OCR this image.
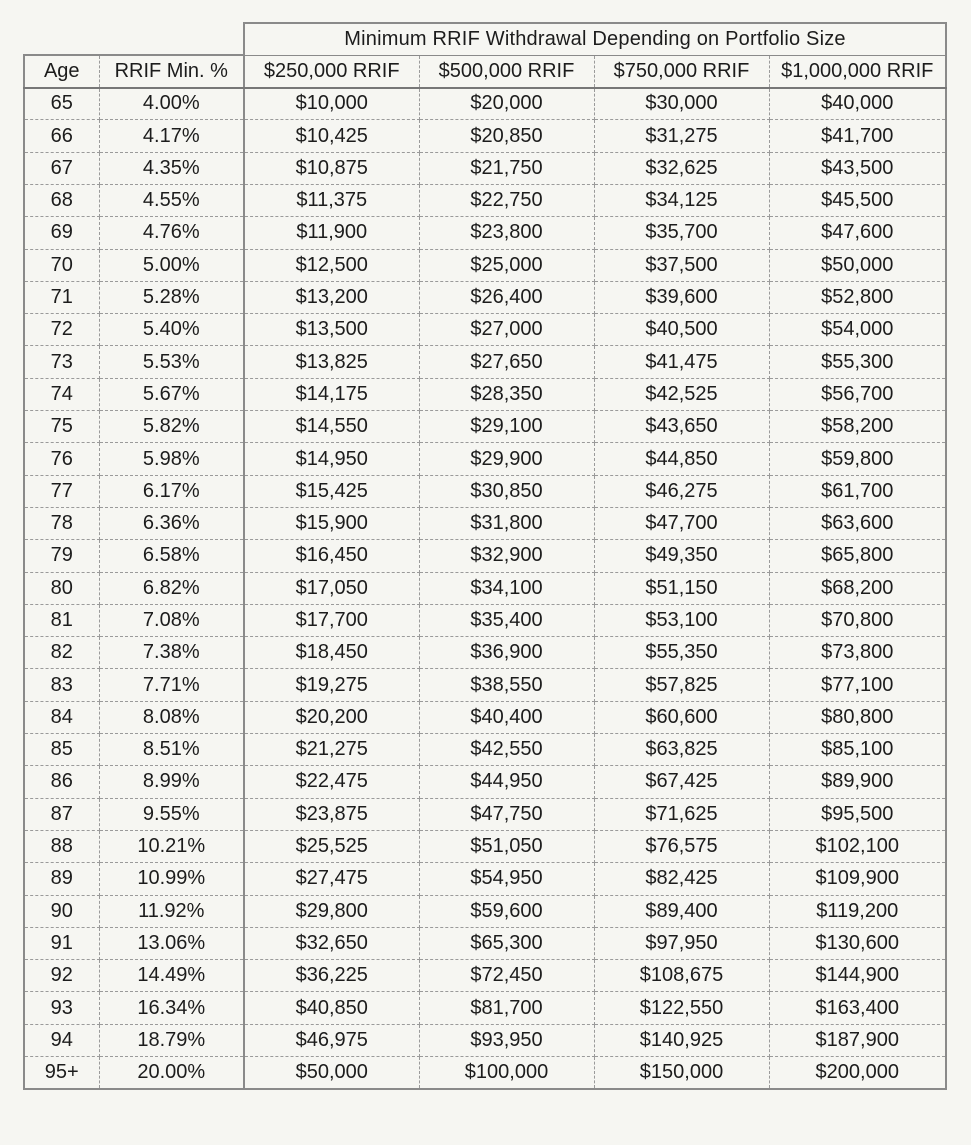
		Minimum RRIF Withdrawal Depending on Portfolio Size			
Age	RRIF Min. %	$250,000 RRIF	$500,000 RRIF	$750,000 RRIF	$1,000,000 RRIF
65	4.00%	$10,000	$20,000	$30,000	$40,000
66	4.17%	$10,425	$20,850	$31,275	$41,700
67	4.35%	$10,875	$21,750	$32,625	$43,500
68	4.55%	$11,375	$22,750	$34,125	$45,500
69	4.76%	$11,900	$23,800	$35,700	$47,600
70	5.00%	$12,500	$25,000	$37,500	$50,000
71	5.28%	$13,200	$26,400	$39,600	$52,800
72	5.40%	$13,500	$27,000	$40,500	$54,000
73	5.53%	$13,825	$27,650	$41,475	$55,300
74	5.67%	$14,175	$28,350	$42,525	$56,700
75	5.82%	$14,550	$29,100	$43,650	$58,200
76	5.98%	$14,950	$29,900	$44,850	$59,800
77	6.17%	$15,425	$30,850	$46,275	$61,700
78	6.36%	$15,900	$31,800	$47,700	$63,600
79	6.58%	$16,450	$32,900	$49,350	$65,800
80	6.82%	$17,050	$34,100	$51,150	$68,200
81	7.08%	$17,700	$35,400	$53,100	$70,800
82	7.38%	$18,450	$36,900	$55,350	$73,800
83	7.71%	$19,275	$38,550	$57,825	$77,100
84	8.08%	$20,200	$40,400	$60,600	$80,800
85	8.51%	$21,275	$42,550	$63,825	$85,100
86	8.99%	$22,475	$44,950	$67,425	$89,900
87	9.55%	$23,875	$47,750	$71,625	$95,500
88	10.21%	$25,525	$51,050	$76,575	$102,100
89	10.99%	$27,475	$54,950	$82,425	$109,900
90	11.92%	$29,800	$59,600	$89,400	$119,200
91	13.06%	$32,650	$65,300	$97,950	$130,600
92	14.49%	$36,225	$72,450	$108,675	$144,900
93	16.34%	$40,850	$81,700	$122,550	$163,400
94	18.79%	$46,975	$93,950	$140,925	$187,900
95+	20.00%	$50,000	$100,000	$150,000	$200,000
